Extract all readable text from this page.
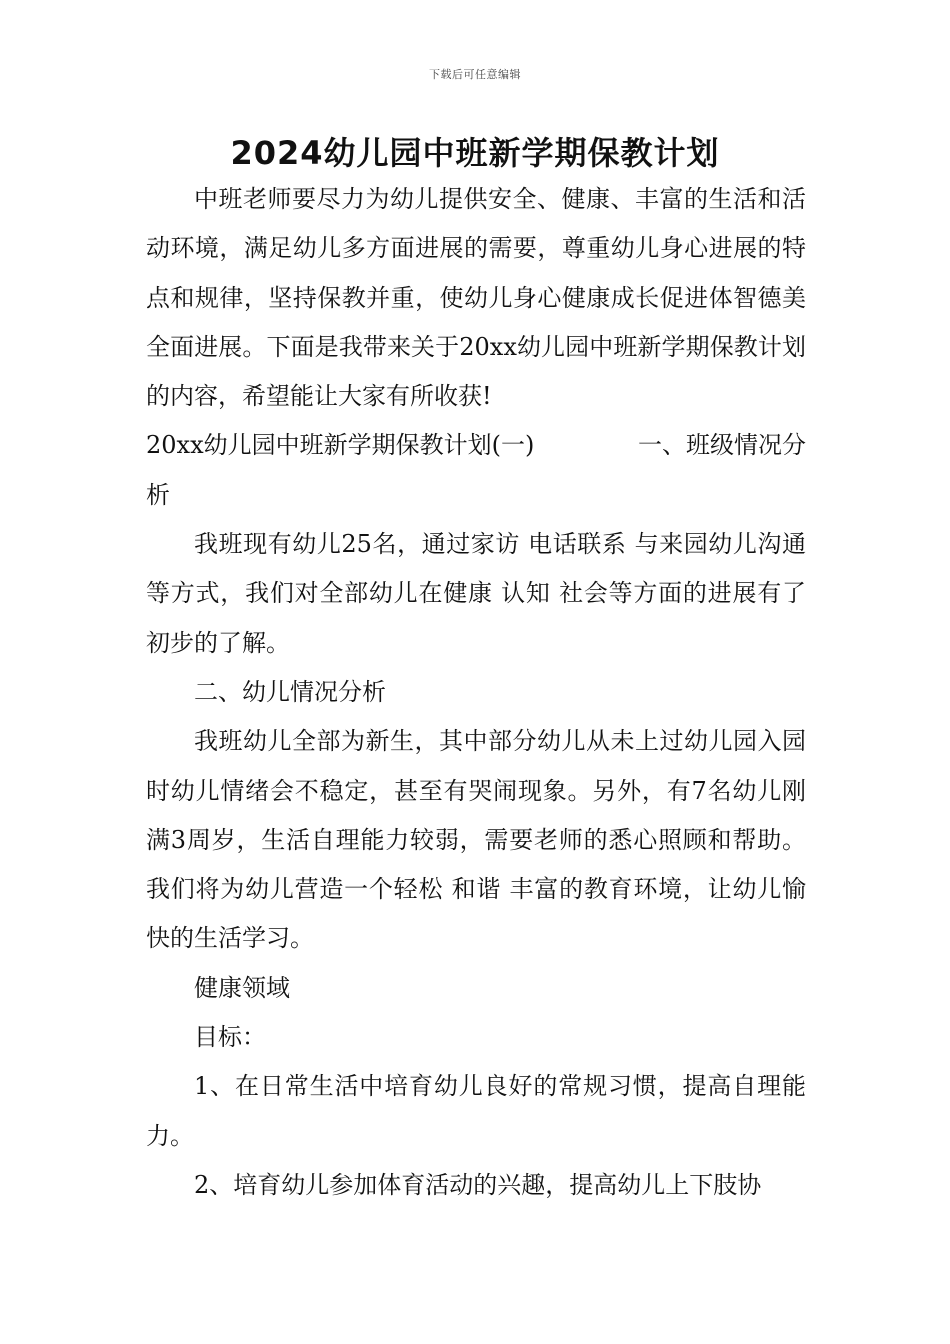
下载后可任意编辑
2024幼儿园中班新学期保教计划

中班老师要尽力为幼儿提供安全、健康、丰富的生活和活动环境，满足幼儿多方面进展的需要，尊重幼儿身心进展的特点和规律，坚持保教并重，使幼儿身心健康成长促进体智德美全面进展。下面是我带来关于20xx幼儿园中班新学期保教计划的内容，希望能让大家有所收获!

20xx幼儿园中班新学期保教计划(一)	一、班级情况分

析

我班现有幼儿25名，通过家访 电话联系 与来园幼儿沟通等方式，我们对全部幼儿在健康 认知 社会等方面的进展有了初步的了解。

二、幼儿情况分析

我班幼儿全部为新生，其中部分幼儿从未上过幼儿园入园时幼儿情绪会不稳定，甚至有哭闹现象。另外，有7名幼儿刚满3周岁，生活自理能力较弱，需要老师的悉心照顾和帮助。我们将为幼儿营造一个轻松 和谐 丰富的教育环境，让幼儿愉快的生活学习。

健康领域

目标：

1、在日常生活中培育幼儿良好的常规习惯，提高自理能力。

2、培育幼儿参加体育活动的兴趣，提高幼儿上下肢协
